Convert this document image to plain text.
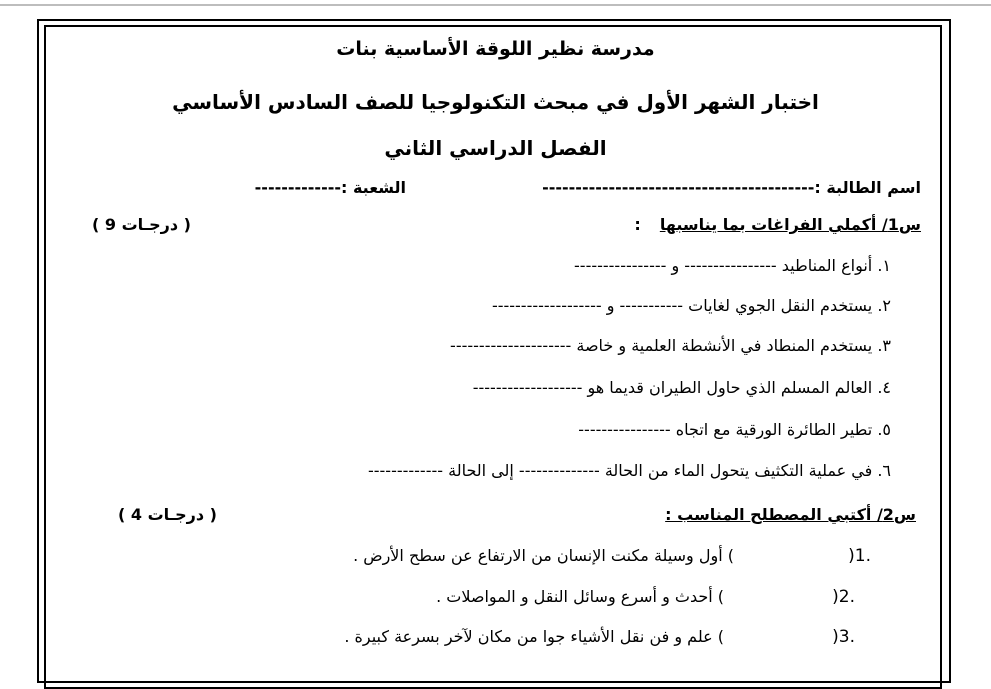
مدرسة نظير اللوقة الأساسية بنات
اختبار الشهر الأول في مبحث التكنولوجيا للصف السادس الأساسي
الفصل الدراسي الثاني
اسم الطالبة :-----------------------------------------
الشعبة :-------------
س1/ أكملي الفراغات بما يناسبها :
( 9 درجـات )
١. أنواع المناطيد ---------------- و ----------------
٢. يستخدم النقل الجوي لغايات ----------- و -------------------
٣. يستخدم المنطاد في الأنشطة العلمية و خاصة ---------------------
٤. العالم المسلم الذي حاول الطيران قديما هو -------------------
٥. تطير الطائرة الورقية مع اتجاه ----------------
٦. في عملية التكثيف يتحول الماء من الحالة -------------- إلى الحالة -------------
س2/ أكتبي المصطلح المناسب :
( 4 درجـات )
.1(
) أول وسيلة مكنت الإنسان من الارتفاع عن سطح الأرض .
.2(
) أحدث و أسرع وسائل النقل و المواصلات .
.3(
) علم و فن نقل الأشياء جوا من مكان لآخر بسرعة كبيرة .
